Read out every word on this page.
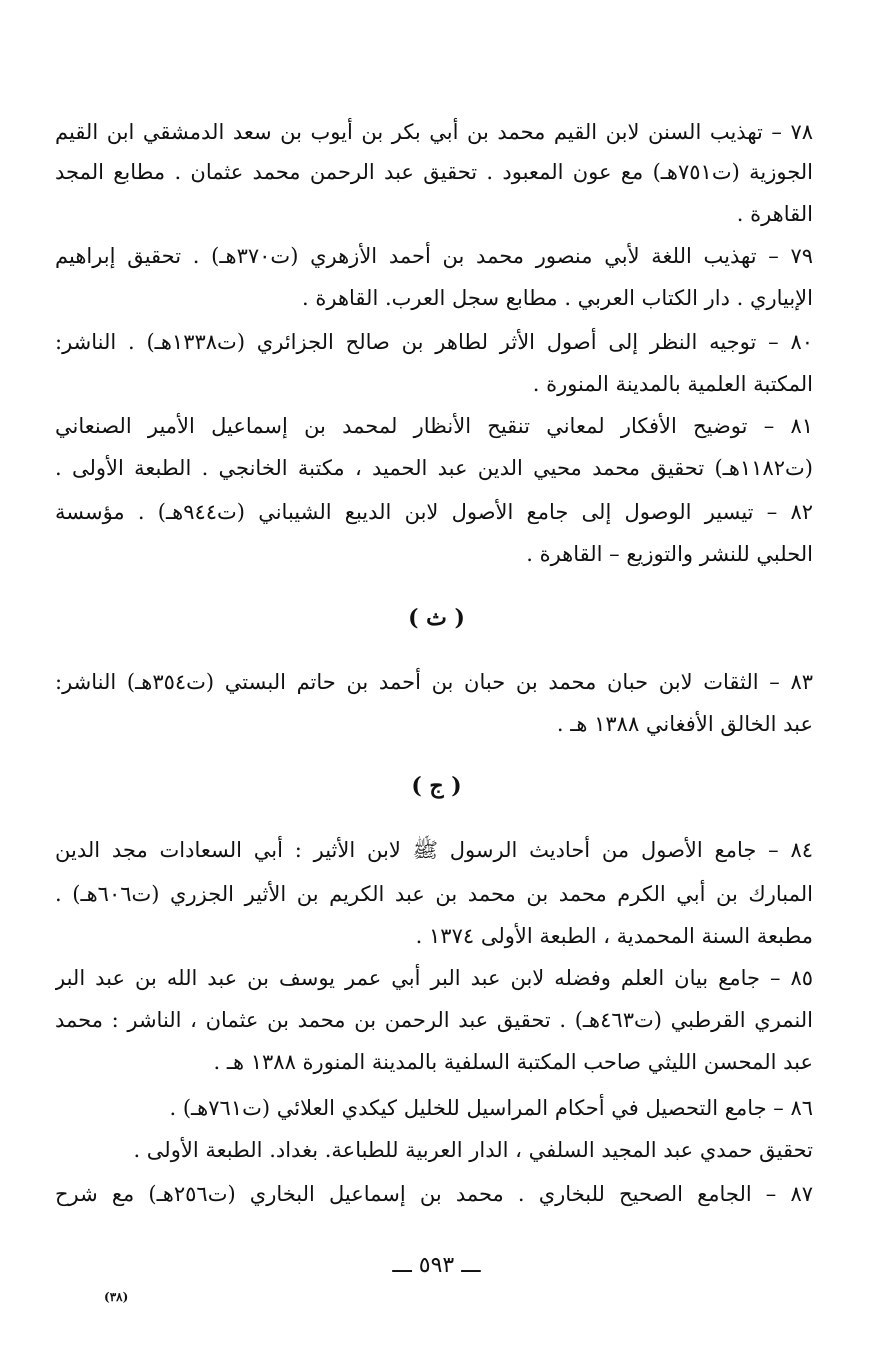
٧٨ – تهذيب السنن لابن القيم محمد بن أبي بكر بن أيوب بن سعد الدمشقي ابن القيم
الجوزية (ت٧٥١هـ) مع عون المعبود . تحقيق عبد الرحمن محمد عثمان . مطابع المجد
القاهرة .
٧٩ – تهذيب اللغة لأبي منصور محمد بن أحمد الأزهري (ت٣٧٠هـ) . تحقيق إبراهيم
الإبياري . دار الكتاب العربي . مطابع سجل العرب. القاهرة .
٨٠ – توجيه النظر إلى أصول الأثر لطاهر بن صالح الجزائري (ت١٣٣٨هـ) . الناشر:
المكتبة العلمية بالمدينة المنورة .
٨١ – توضيح الأفكار لمعاني تنقيح الأنظار لمحمد بن إسماعيل الأمير الصنعاني
(ت١١٨٢هـ) تحقيق محمد محيي الدين عبد الحميد ، مكتبة الخانجي . الطبعة الأولى .
٨٢ – تيسير الوصول إلى جامع الأصول لابن الديبع الشيباني (ت٩٤٤هـ) . مؤسسة
الحلبي للنشر والتوزيع – القاهرة .
( ث )
٨٣ – الثقات لابن حبان محمد بن حبان بن أحمد بن حاتم البستي (ت٣٥٤هـ) الناشر:
عبد الخالق الأفغاني ١٣٨٨ هـ .
( ج )
٨٤ – جامع الأصول من أحاديث الرسول ﷺ لابن الأثير : أبي السعادات مجد الدين
المبارك بن أبي الكرم محمد بن محمد بن عبد الكريم بن الأثير الجزري (ت٦٠٦هـ) .
مطبعة السنة المحمدية ، الطبعة الأولى ١٣٧٤ .
٨٥ – جامع بيان العلم وفضله لابن عبد البر أبي عمر يوسف بن عبد الله بن عبد البر
النمري القرطبي (ت٤٦٣هـ) . تحقيق عبد الرحمن بن محمد بن عثمان ، الناشر : محمد
عبد المحسن الليثي صاحب المكتبة السلفية بالمدينة المنورة ١٣٨٨ هـ .
٨٦ – جامع التحصيل في أحكام المراسيل للخليل كيكدي العلائي (ت٧٦١هـ) .
تحقيق حمدي عبد المجيد السلفي ، الدار العربية للطباعة. بغداد. الطبعة الأولى .
٨٧ – الجامع الصحيح للبخاري . محمد بن إسماعيل البخاري (ت٢٥٦هـ) مع شرح
ـــ ٥٩٣ ـــ
(٣٨)
